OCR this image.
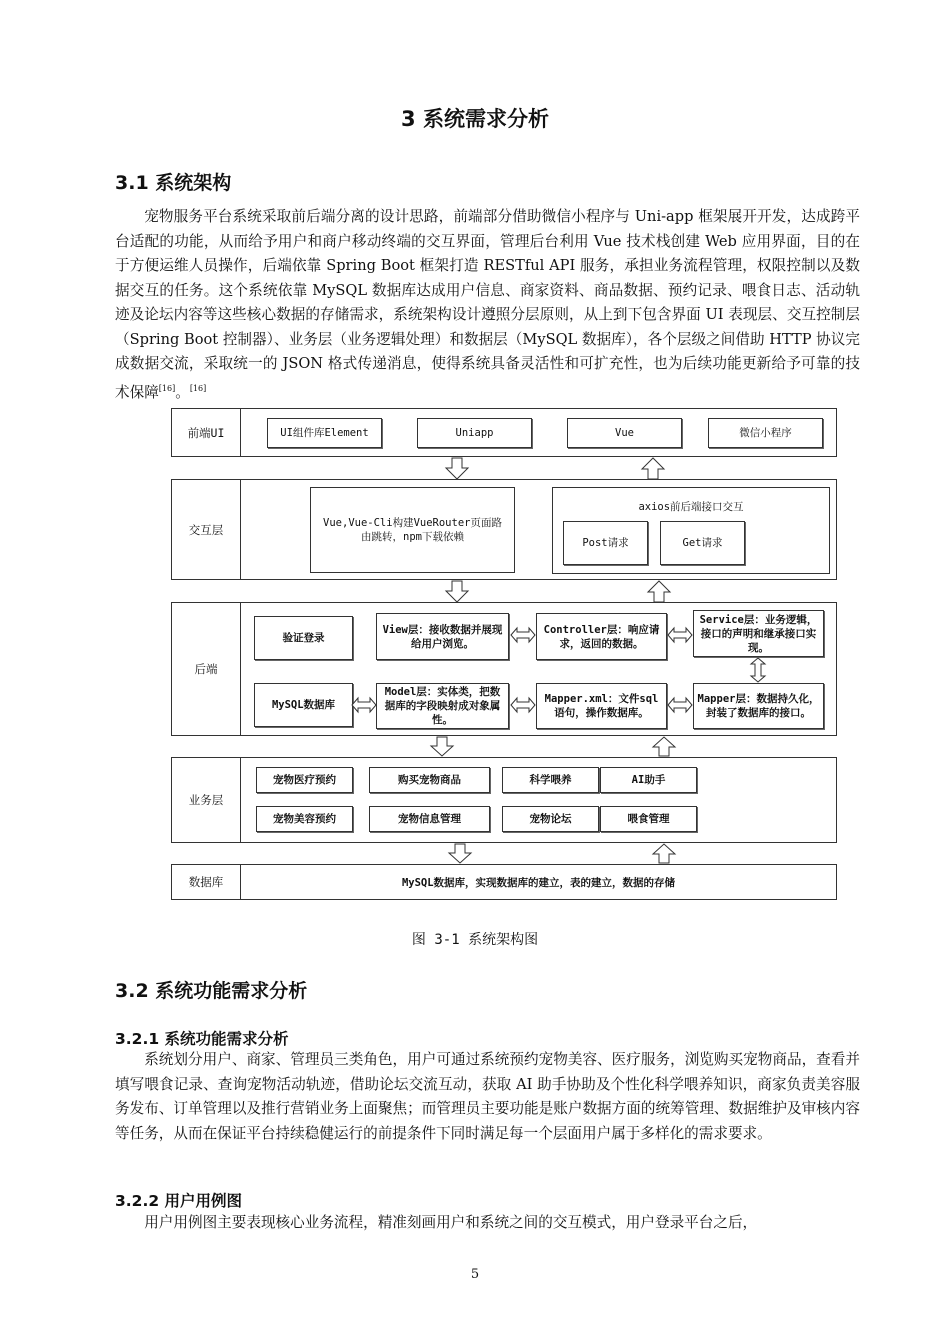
3 系统需求分析
3.1 系统架构

宠物服务平台系统采取前后端分离的设计思路，前端部分借助微信小程序与 Uni-app 框架展开开发，达成跨平台适配的功能，从而给予用户和商户移动终端的交互界面，管理后台利用 Vue 技术栈创建 Web 应用界面，目的在于方便运维人员操作，后端依靠 Spring Boot 框架打造 RESTful API 服务，承担业务流程管理，权限控制以及数据交互的任务。这个系统依靠 MySQL 数据库达成用户信息、商家资料、商品数据、预约记录、喂食日志、活动轨迹及论坛内容等这些核心数据的存储需求，系统架构设计遵照分层原则，从上到下包含界面 UI 表现层、交互控制层（Spring Boot 控制器）、业务层（业务逻辑处理）和数据层（MySQL 数据库），各个层级之间借助 HTTP 协议完成数据交流，采取统一的 JSON 格式传递消息，使得系统具备灵活性和可扩充性，也为后续功能更新给予可靠的技术保障[16]。[16]

前端UI	UI组件库Element	Uniapp	Vue	微信小程序
交互层	Vue,Vue-Cli构建VueRouter页面路由跳转，npm下载依赖
axios前后端接口交互
Post请求	Get请求
后端
验证登录
View层：接收数据并展现给用户浏览。
Controller层：响应请求，返回的数据。
Service层：业务逻辑，接口的声明和继承接口实现。
MySQL数据库
Model层：实体类，把数据库的字段映射成对象属性。
Mapper.xml：文件sql语句，操作数据库。
Mapper层：数据持久化，封装了数据库的接口。
业务层
宠物医疗预约	购买宠物商品	科学喂养	AI助手
宠物美容预约	宠物信息管理	宠物论坛	喂食管理
数据库	MySQL数据库，实现数据库的建立，表的建立，数据的存储
图 3-1 系统架构图
3.2 系统功能需求分析
3.2.1 系统功能需求分析

系统划分用户、商家、管理员三类角色，用户可通过系统预约宠物美容、医疗服务，浏览购买宠物商品，查看并填写喂食记录、查询宠物活动轨迹，借助论坛交流互动，获取 AI 助手协助及个性化科学喂养知识，商家负责美容服务发布、订单管理以及推行营销业务上面聚焦；而管理员主要功能是账户数据方面的统筹管理、数据维护及审核内容等任务，从而在保证平台持续稳健运行的前提条件下同时满足每一个层面用户属于多样化的需求要求。

3.2.2 用户用例图

用户用例图主要表现核心业务流程，精准刻画用户和系统之间的交互模式，用户登录平台之后，

5
